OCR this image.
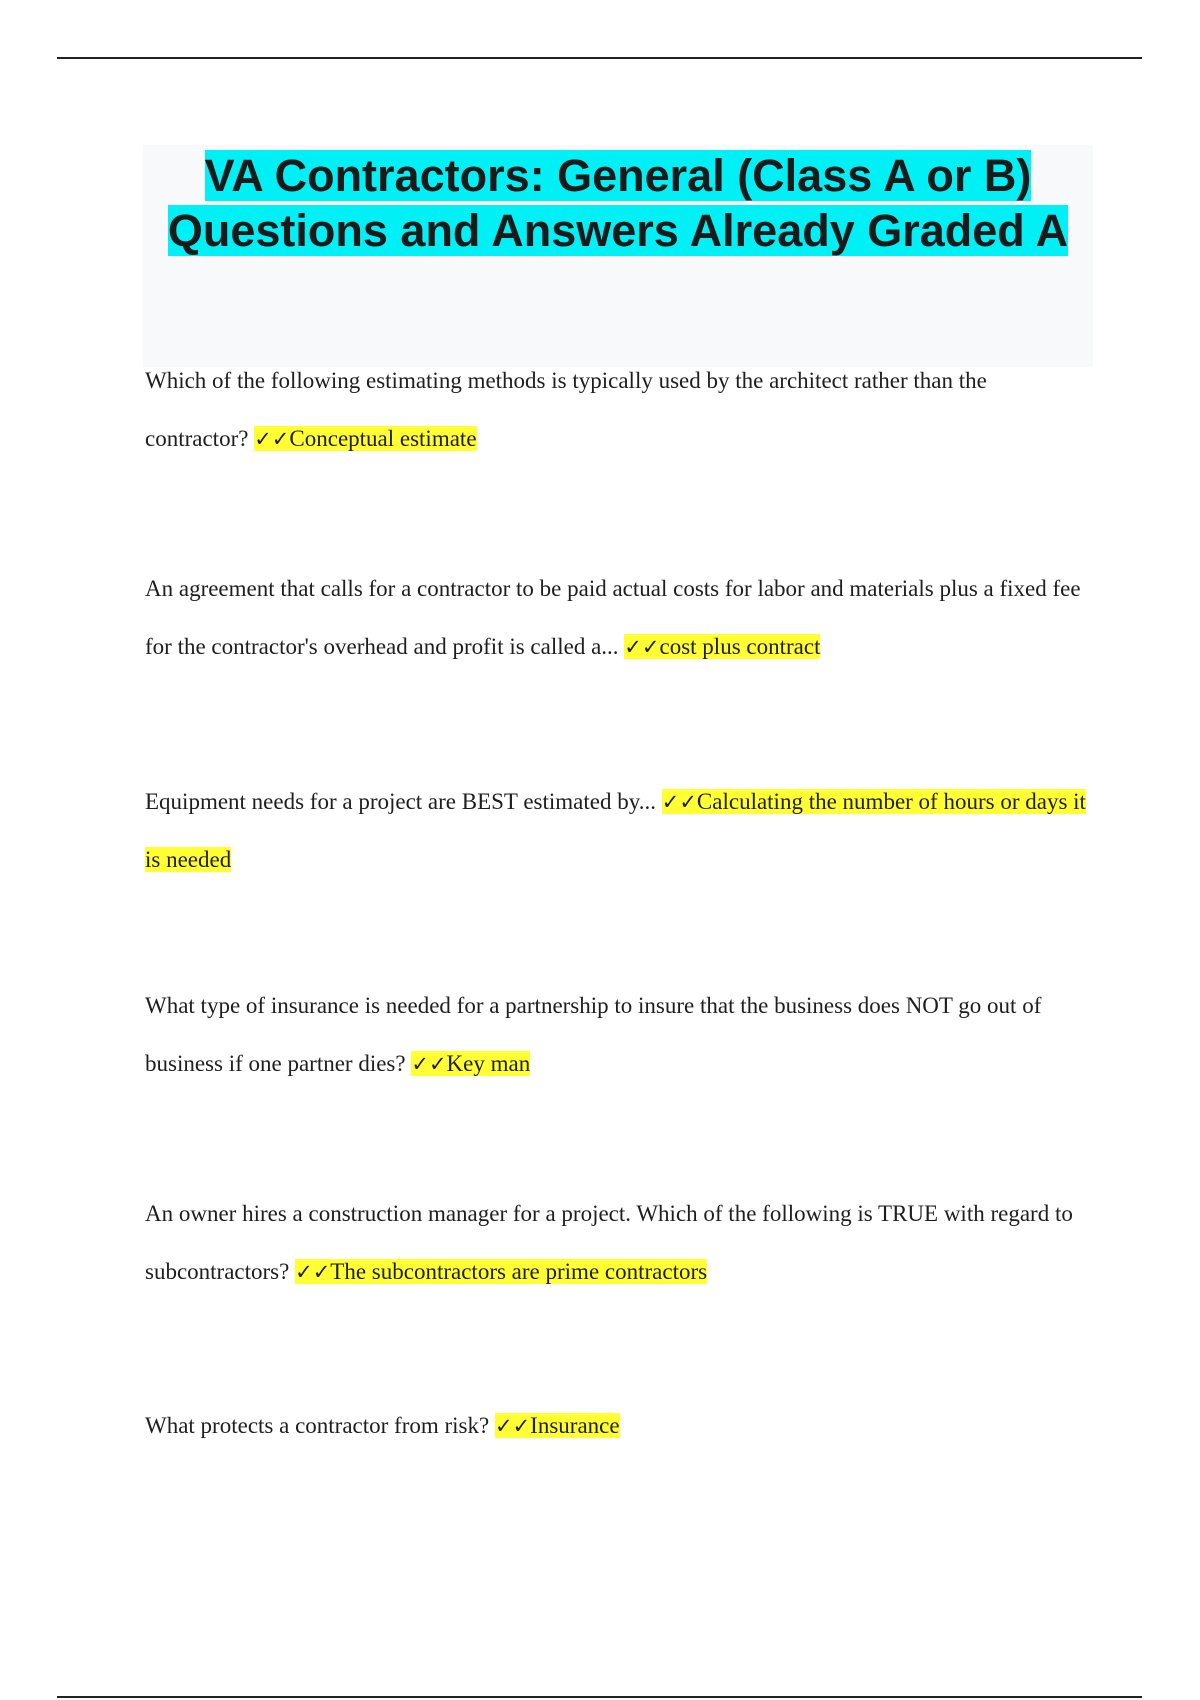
VA Contractors: General (Class A or B) Questions and Answers Already Graded A

Which of the following estimating methods is typically used by the architect rather than the contractor? ✓✓Conceptual estimate

An agreement that calls for a contractor to be paid actual costs for labor and materials plus a fixed fee for the contractor's overhead and profit is called a... ✓✓cost plus contract

Equipment needs for a project are BEST estimated by... ✓✓Calculating the number of hours or days it is needed

What type of insurance is needed for a partnership to insure that the business does NOT go out of business if one partner dies? ✓✓Key man

An owner hires a construction manager for a project. Which of the following is TRUE with regard to subcontractors? ✓✓The subcontractors are prime contractors

What protects a contractor from risk? ✓✓Insurance
